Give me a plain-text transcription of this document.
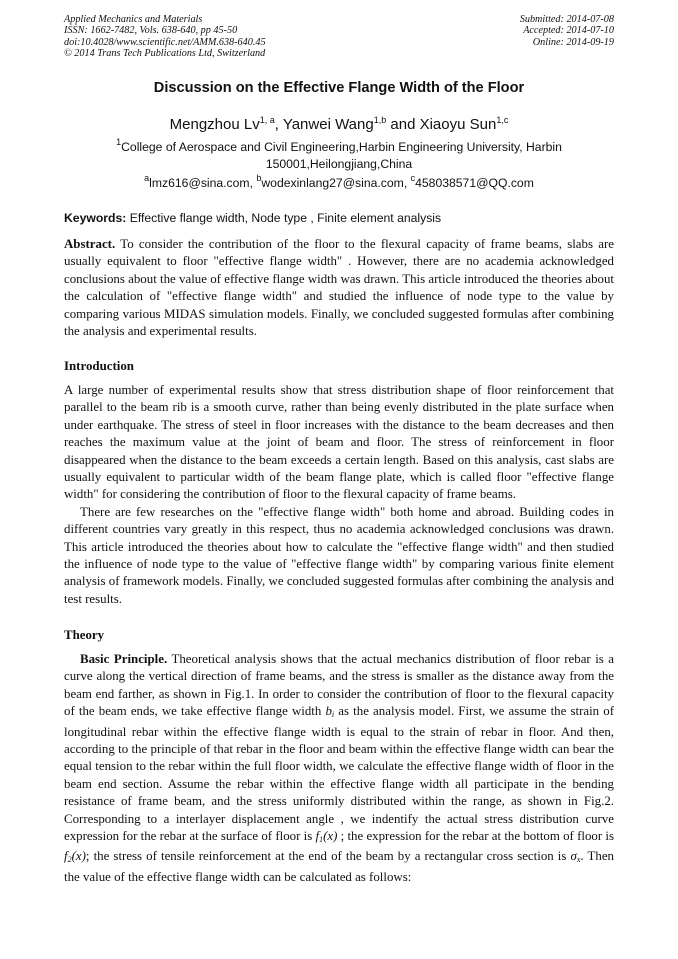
Applied Mechanics and Materials
ISSN: 1662-7482, Vols. 638-640, pp 45-50
doi:10.4028/www.scientific.net/AMM.638-640.45
© 2014 Trans Tech Publications Ltd, Switzerland
Submitted: 2014-07-08
Accepted: 2014-07-10
Online: 2014-09-19
Discussion on the Effective Flange Width of the Floor
Mengzhou Lv$^{1, a}$, Yanwei Wang$^{1,b}$ and Xiaoyu Sun$^{1,c}$
$^1$College of Aerospace and Civil Engineering,Harbin Engineering University, Harbin 150001,Heilongjiang,China
$^a$lmz616@sina.com, $^b$wodexinlang27@sina.com, $^c$458038571@QQ.com
Keywords: Effective flange width, Node type , Finite element analysis

Abstract. To consider the contribution of the floor to the flexural capacity of frame beams, slabs are usually equivalent to floor "effective flange width" . However, there are no academia acknowledged conclusions about the value of effective flange width was drawn. This article introduced the theories about the calculation of "effective flange width" and studied the influence of node type to the value by comparing various MIDAS simulation models. Finally, we concluded suggested formulas after combining the analysis and experimental results.

Introduction

A large number of experimental results show that stress distribution shape of floor reinforcement that parallel to the beam rib is a smooth curve, rather than being evenly distributed in the plate surface when under earthquake. The stress of steel in floor increases with the distance to the beam decreases and then reaches the maximum value at the joint of beam and floor. The stress of reinforcement in floor disappeared when the distance to the beam exceeds a certain length. Based on this analysis, cast slabs are usually equivalent to particular width of the beam flange plate, which is called floor "effective flange width" for considering the contribution of floor to the flexural capacity of frame beams.

There are few researches on the "effective flange width" both home and abroad. Building codes in different countries vary greatly in this respect, thus no academia acknowledged conclusions was drawn. This article introduced the theories about how to calculate the "effective flange width" and then studied the influence of node type to the value of "effective flange width" by comparing various finite element analysis of framework models. Finally, we concluded suggested formulas after combining the analysis and test results.

Theory

Basic Principle. Theoretical analysis shows that the actual mechanics distribution of floor rebar is a curve along the vertical direction of frame beams, and the stress is smaller as the distance away from the beam end farther, as shown in Fig.1. In order to consider the contribution of floor to the flexural capacity of the beam ends, we take effective flange width bi as the analysis model. First, we assume the strain of longitudinal rebar within the effective flange width is equal to the strain of rebar in floor. And then, according to the principle of that rebar in the floor and beam within the effective flange width can bear the equal tension to the rebar within the full floor width, we calculate the effective flange width of floor in the beam end section. Assume the rebar within the effective flange width all participate in the bending resistance of frame beam, and the stress uniformly distributed within the range, as shown in Fig.2. Corresponding to a interlayer displacement angle , we indentify the actual stress distribution curve expression for the rebar at the surface of floor is f1(x) ; the expression for the rebar at the bottom of floor is f2(x); the stress of tensile reinforcement at the end of the beam by a rectangular cross section is σx. Then the value of the effective flange width can be calculated as follows:
